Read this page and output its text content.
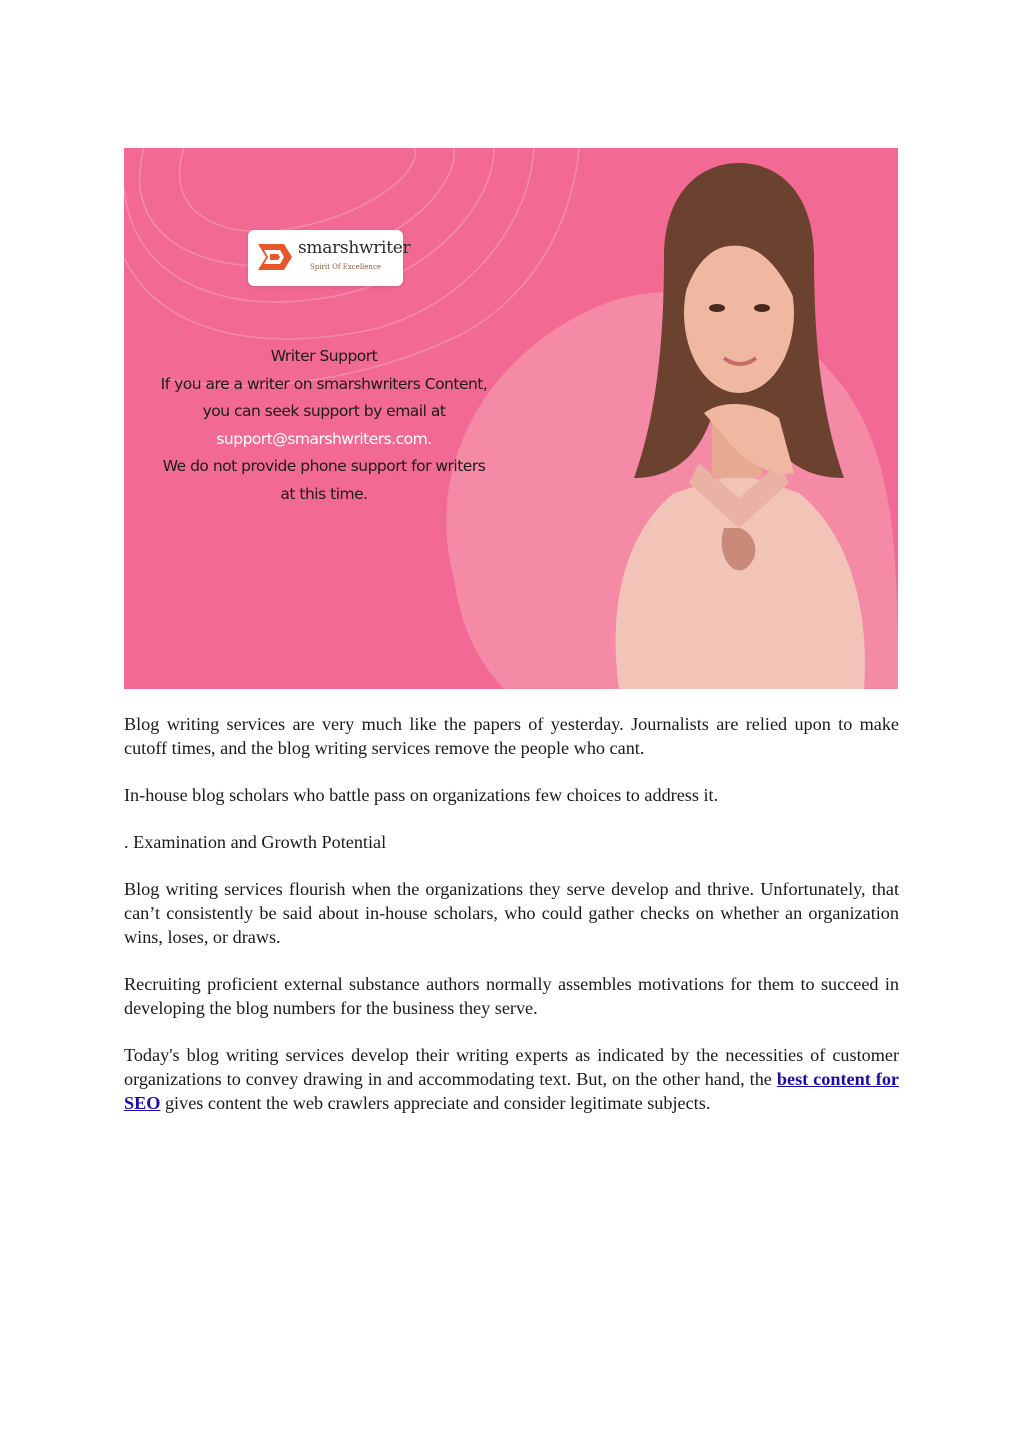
smarshwriter
Spirit Of Excellence
Writer Support
If you are a writer on smarshwriters Content,
you can seek support by email at
support@smarshwriters.com.
We do not provide phone support for writers
at this time.

Blog writing services are very much like the papers of yesterday. Journalists are relied upon to make cutoff times, and the blog writing services remove the people who cant.

In-house blog scholars who battle pass on organizations few choices to address it.

. Examination and Growth Potential

Blog writing services flourish when the organizations they serve develop and thrive. Unfortunately, that can’t consistently be said about in-house scholars, who could gather checks on whether an organization wins, loses, or draws.

Recruiting proficient external substance authors normally assembles motivations for them to succeed in developing the blog numbers for the business they serve.

Today's blog writing services develop their writing experts as indicated by the necessities of customer organizations to convey drawing in and accommodating text. But, on the other hand, the best content for SEO gives content the web crawlers appreciate and consider legitimate subjects.
